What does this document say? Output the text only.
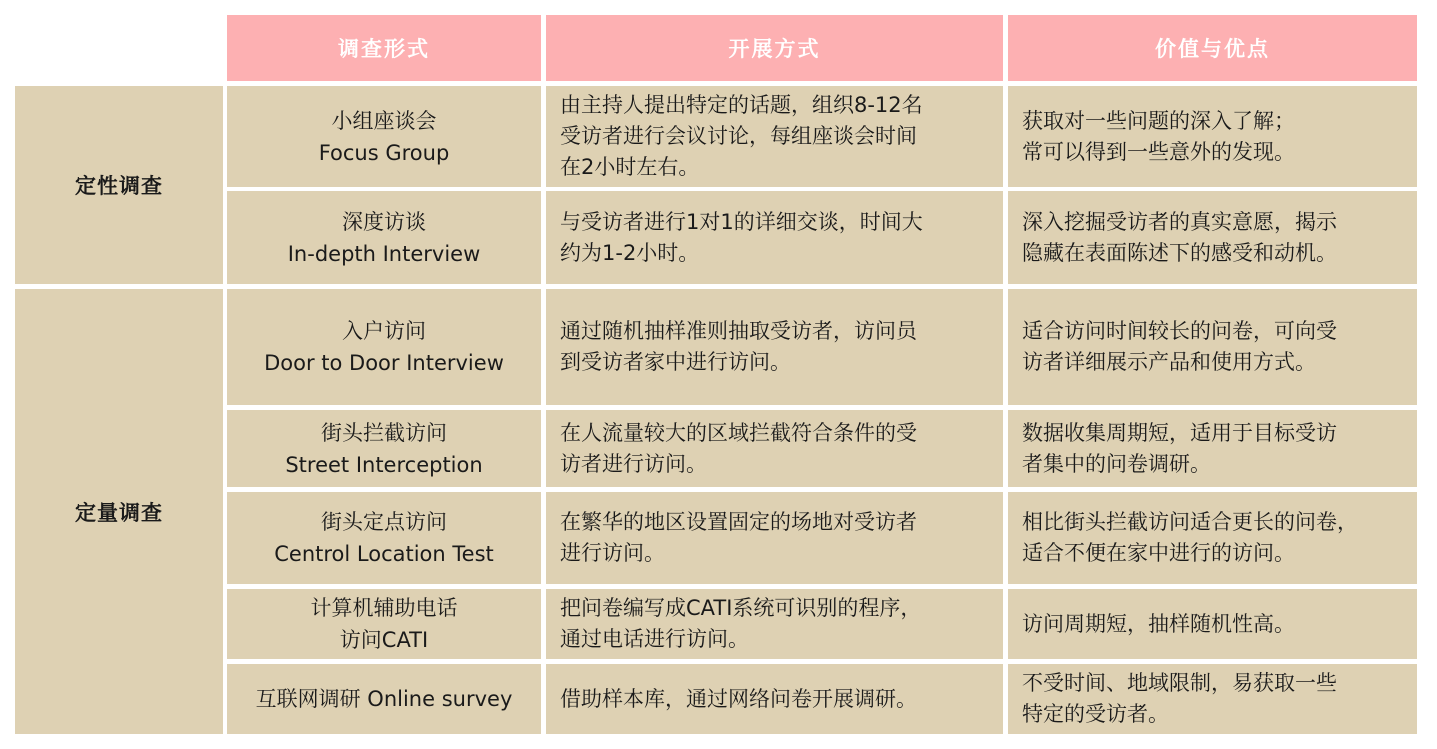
调查形式	开展方式	价值与优点
定性调查
定量调查
小组座谈会
Focus Group
由主持人提出特定的话题，组织8-12名
受访者进行会议讨论，每组座谈会时间
在2小时左右。
获取对一些问题的深入了解；
常可以得到一些意外的发现。
深度访谈
In-depth Interview
与受访者进行1对1的详细交谈，时间大
约为1-2小时。
深入挖掘受访者的真实意愿，揭示
隐藏在表面陈述下的感受和动机。
入户访问
Door to Door Interview
通过随机抽样准则抽取受访者，访问员
到受访者家中进行访问。
适合访问时间较长的问卷，可向受
访者详细展示产品和使用方式。
街头拦截访问
Street Interception
在人流量较大的区域拦截符合条件的受
访者进行访问。
数据收集周期短，适用于目标受访
者集中的问卷调研。
街头定点访问
Centrol Location Test
在繁华的地区设置固定的场地对受访者
进行访问。
相比街头拦截访问适合更长的问卷，
适合不便在家中进行的访问。
计算机辅助电话
访问CATI
把问卷编写成CATI系统可识别的程序，
通过电话进行访问。
访问周期短，抽样随机性高。
互联网调研 Online survey 借助样本库，通过网络问卷开展调研。
不受时间、地域限制，易获取一些
特定的受访者。
